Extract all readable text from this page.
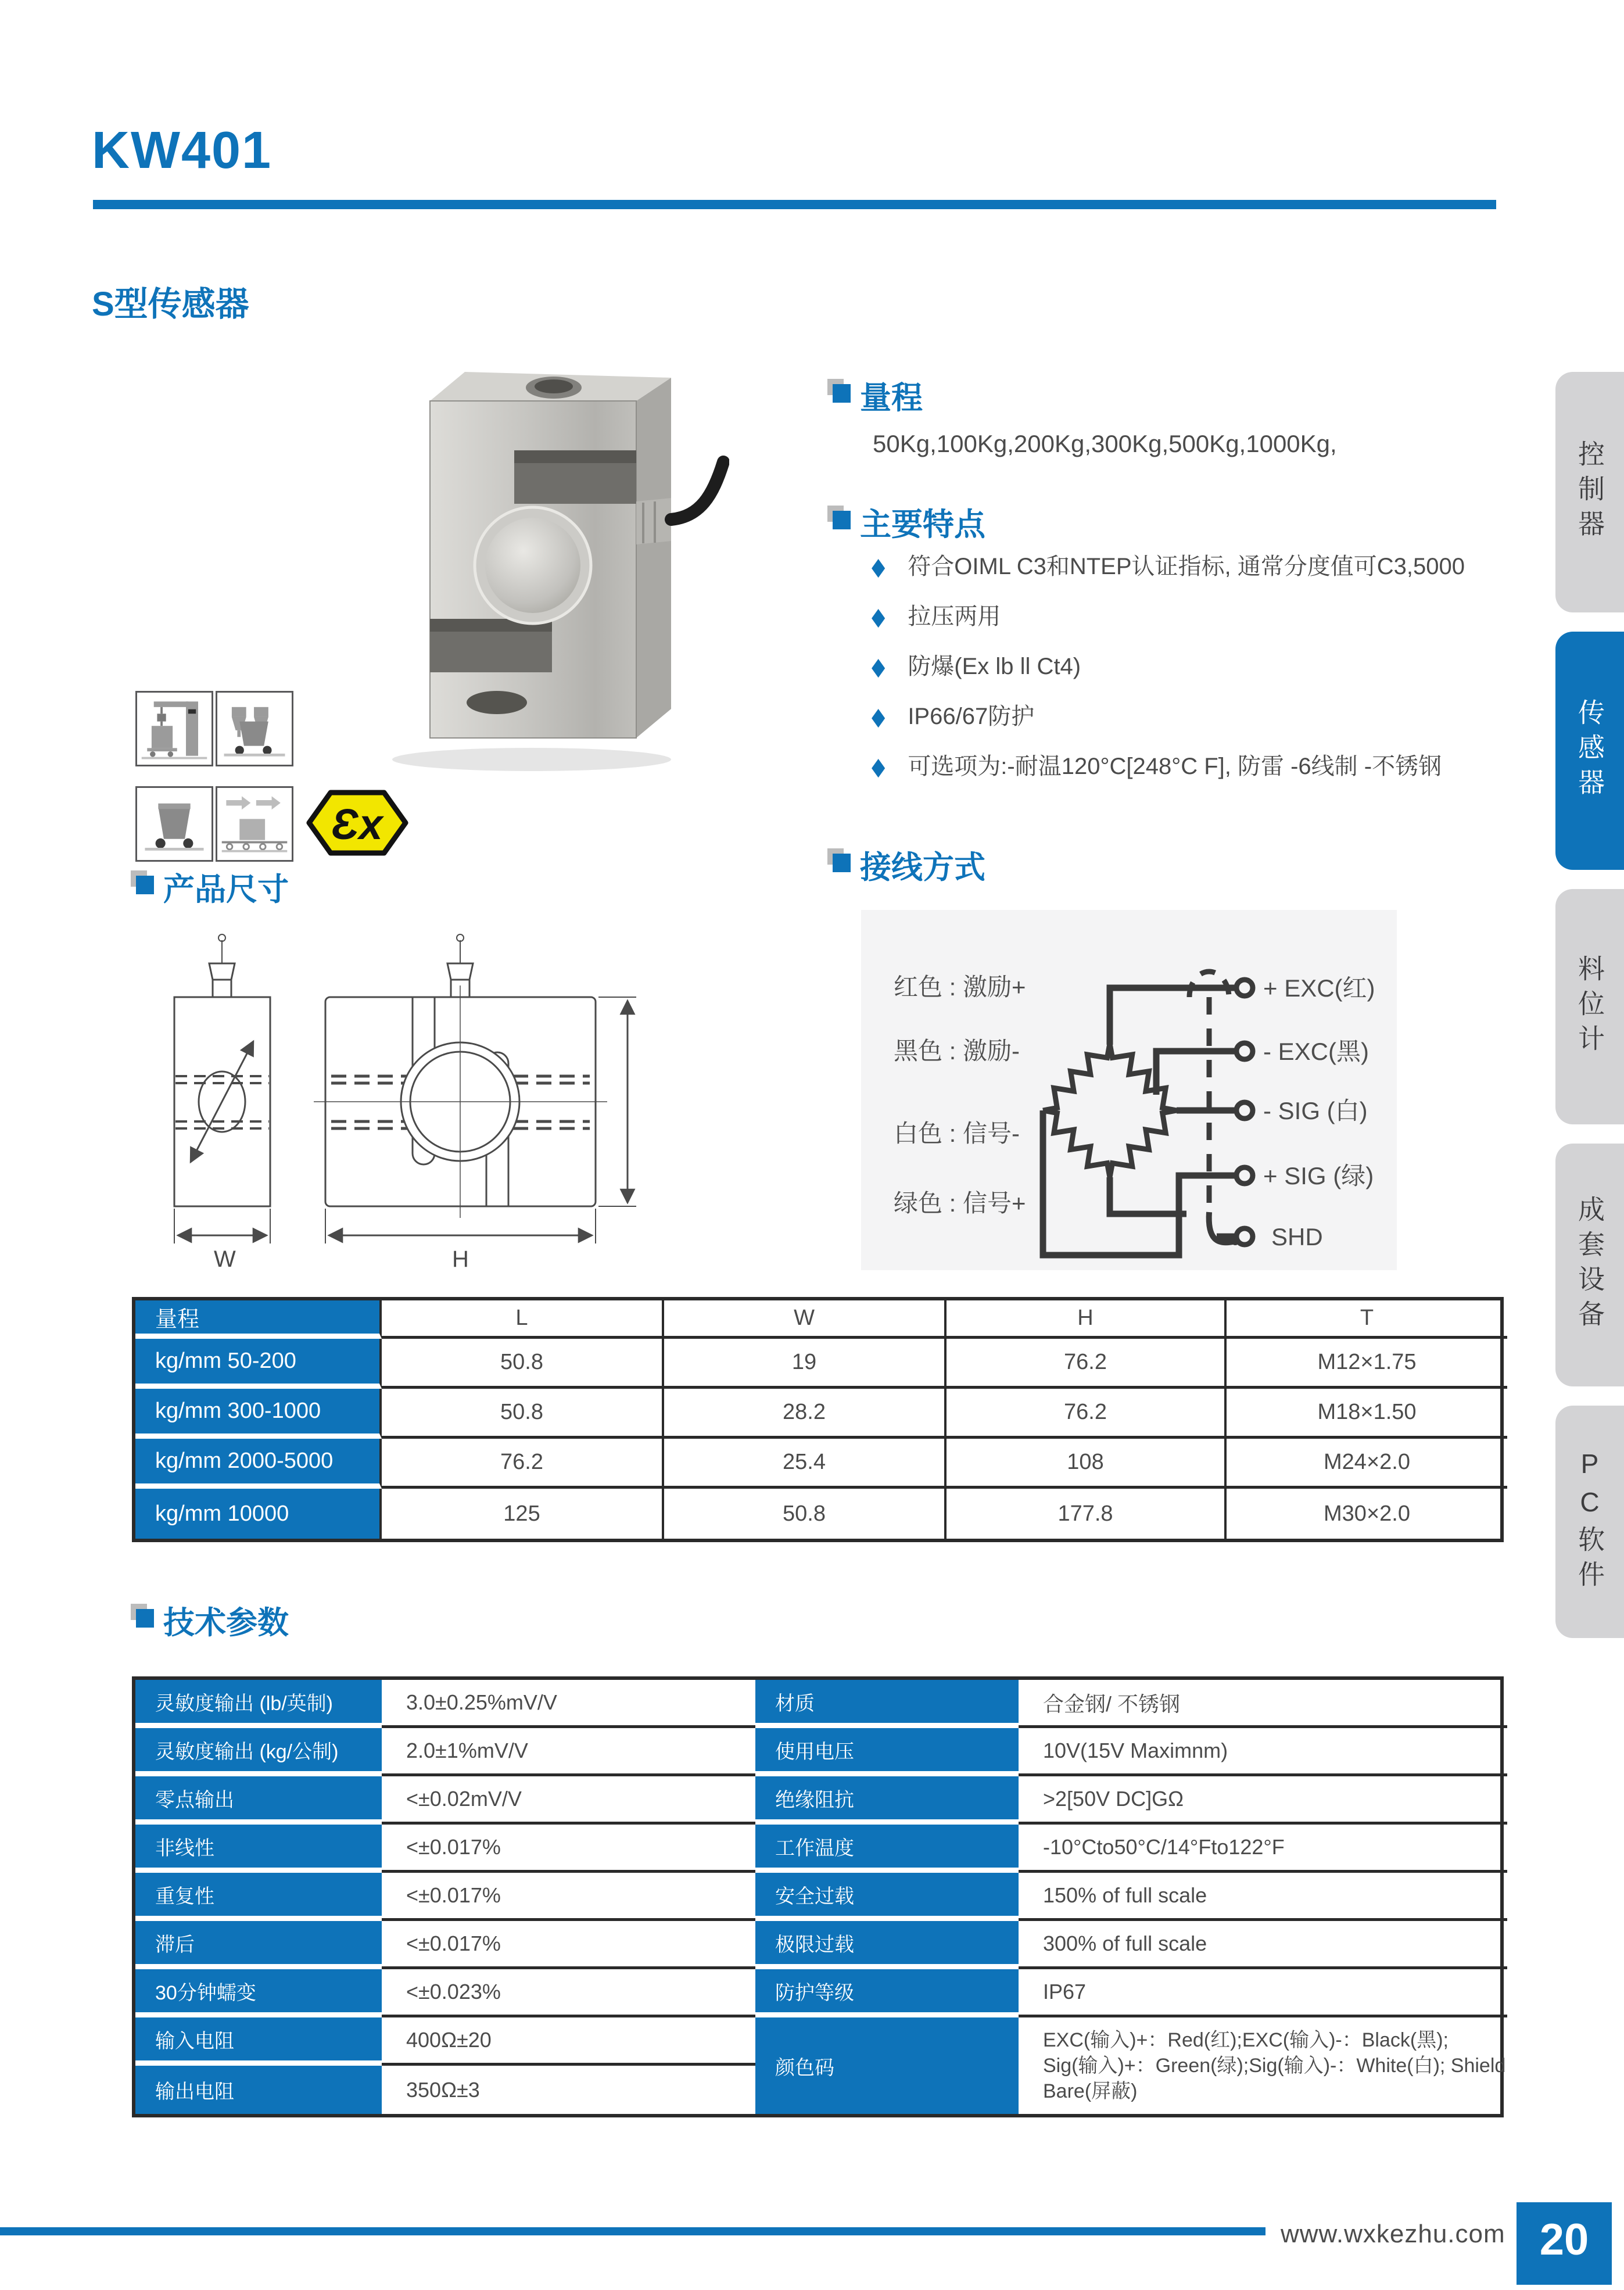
KW401
S型传感器
Ɛx
量程
50Kg,100Kg,200Kg,300Kg,500Kg,1000Kg,
主要特点
◆ 符合OIML C3和NTEP认证指标, 通常分度值可C3,5000
◆ 拉压两用
◆ 防爆(Ex lb ll Ct4)
◆ IP66/67防护
◆ 可选项为:-耐温120°C[248°C F], 防雷 -6线制 -不锈钢
接线方式
红色 : 激励+
黑色 : 激励-
白色 : 信号-
绿色 : 信号+
+ EXC(红)
- EXC(黑)
- SIG (白)
+ SIG (绿)
SHD
产品尺寸
W	H
量程	L	W	H	T
kg/mm 50-200	50.8	19	76.2	M12×1.75
kg/mm 300-1000	50.8	28.2	76.2	M18×1.50
kg/mm 2000-5000	76.2	25.4	108	M24×2.0
kg/mm 10000	125	50.8	177.8	M30×2.0
技术参数
灵敏度输出 (lb/英制)	3.0±0.25%mV/V	材质	合金钢/ 不锈钢
灵敏度输出 (kg/公制)	2.0±1%mV/V	使用电压	10V(15V Maximnm)
零点输出	<±0.02mV/V	绝缘阻抗	>2[50V DC]GΩ
非线性	<±0.017%	工作温度	-10°Cto50°C/14°Fto122°F
重复性	<±0.017%	安全过载	150% of full scale
滞后	<±0.017%	极限过载	300% of full scale
30分钟蠕变	<±0.023%	防护等级	IP67
输入电阻	400Ω±20	颜色码	EXC(输入)+：Red(红);EXC(输入)-：Black(黑); Sig(输入)+：Green(绿);Sig(输入)-：White(白); Shield Bare(屏蔽)
输出电阻	350Ω±3		
控制器
传感器
料位计
成套设备
PC软件
www.wxkezhu.com 20
